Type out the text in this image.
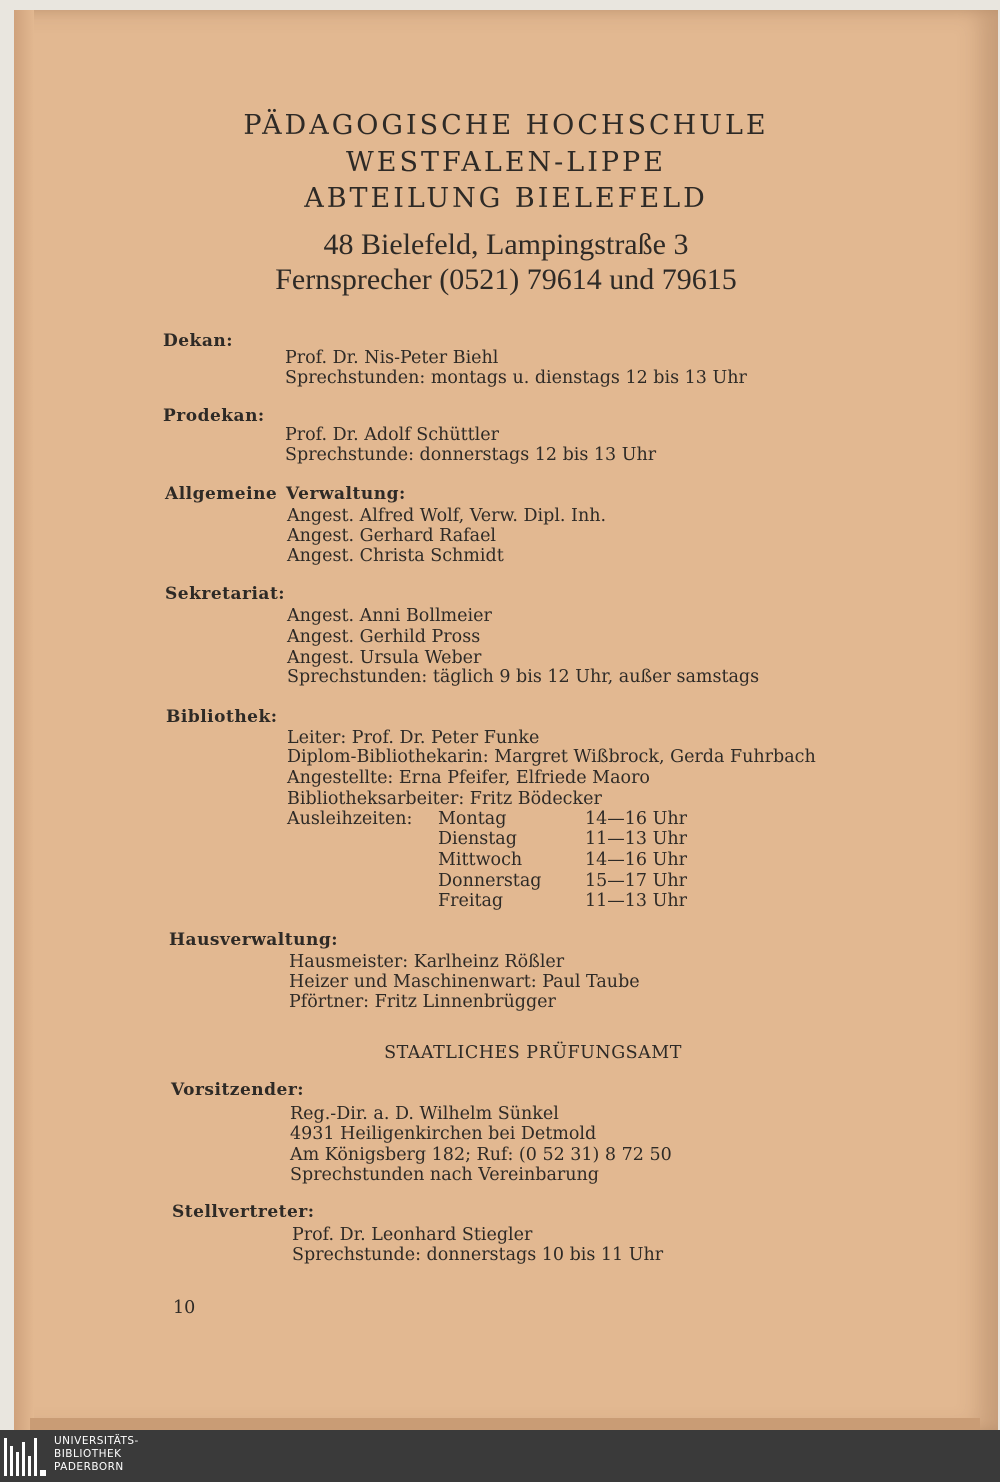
PÄDAGOGISCHE HOCHSCHULE
WESTFALEN-LIPPE
ABTEILUNG BIELEFELD
48 Bielefeld, Lampingstraße 3
Fernsprecher (0521) 79614 und 79615
Dekan:
Prof. Dr. Nis-Peter Biehl
Sprechstunden: montags u. dienstags 12 bis 13 Uhr
Prodekan:
Prof. Dr. Adolf Schüttler
Sprechstunde: donnerstags 12 bis 13 Uhr
Allgemeine Verwaltung:
Angest. Alfred Wolf, Verw. Dipl. Inh.
Angest. Gerhard Rafael
Angest. Christa Schmidt
Sekretariat:
Angest. Anni Bollmeier
Angest. Gerhild Pross
Angest. Ursula Weber
Sprechstunden: täglich 9 bis 12 Uhr, außer samstags
Bibliothek:
Leiter: Prof. Dr. Peter Funke
Diplom-Bibliothekarin: Margret Wißbrock, Gerda Fuhrbach
Angestellte: Erna Pfeifer, Elfriede Maoro
Bibliotheksarbeiter: Fritz Bödecker
Ausleihzeiten: Montag	14—16 Uhr
Dienstag	11—13 Uhr
Mittwoch	14—16 Uhr
Donnerstag 15—17 Uhr
Freitag	11—13 Uhr
Hausverwaltung:
Hausmeister: Karlheinz Rößler
Heizer und Maschinenwart: Paul Taube
Pförtner: Fritz Linnenbrügger
STAATLICHES PRÜFUNGSAMT
Vorsitzender:
Reg.-Dir. a. D. Wilhelm Sünkel
4931 Heiligenkirchen bei Detmold
Am Königsberg 182; Ruf: (0 52 31) 8 72 50
Sprechstunden nach Vereinbarung
Stellvertreter:
Prof. Dr. Leonhard Stiegler
Sprechstunde: donnerstags 10 bis 11 Uhr
10
UNIVERSITÄTS-
BIBLIOTHEK
PADERBORN
